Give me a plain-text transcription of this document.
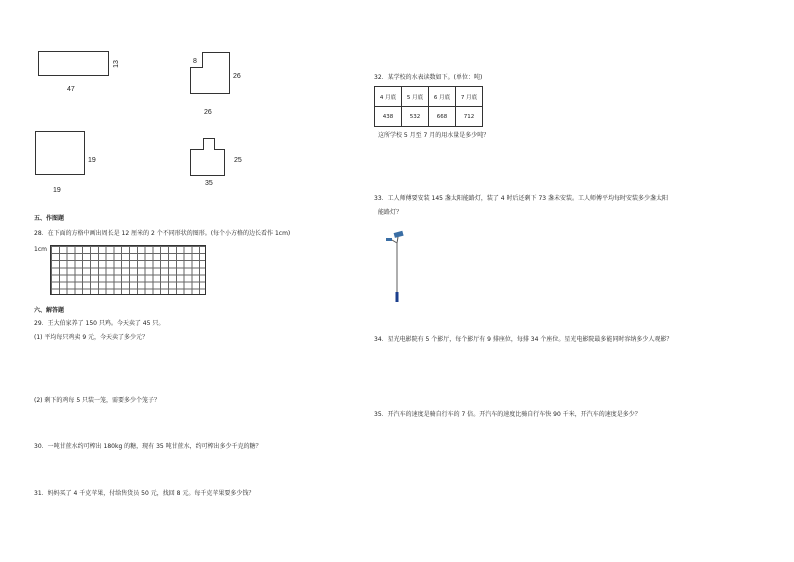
13
47
8
26
26
19
19
25
35
五、作图题
28．在下面的方格中画出周长是 12 厘米的 2 个不同形状的图形。(每个小方格的边长看作 1cm)
1cm
六、解答题
29．王大伯家养了 150 只鸡。今天卖了 45 只。
(1) 平均每只鸡卖 9 元，今天卖了多少元？
(2) 剩下的鸡每 5 只装一笼，需要多少个笼子？
30．一吨甘蔗水约可榨出 180kg 的糖，现有 35 吨甘蔗水，约可榨出多少千克的糖？
31．妈妈买了 4 千克苹果，付给售货员 50 元，找回 8 元。每千克苹果要多少钱？
32．某学校的水表读数如下。(单位：吨)
4 月底	5 月底	6 月底	7 月底
438	532	668	712
这所学校 5 月至 7 月的用水量是多少吨？
33．工人师傅要安装 145 盏太阳能路灯，装了 4 时后还剩下 73 盏未安装。工人师傅平均每时安装多少盏太阳
能路灯？
34．星光电影院有 5 个影厅，每个影厅有 9 排座位，每排 34 个座位。星光电影院最多能同时容纳多少人观影？
35．开汽车的速度是骑自行车的 7 倍。开汽车的速度比骑自行车快 90 千米，开汽车的速度是多少？
